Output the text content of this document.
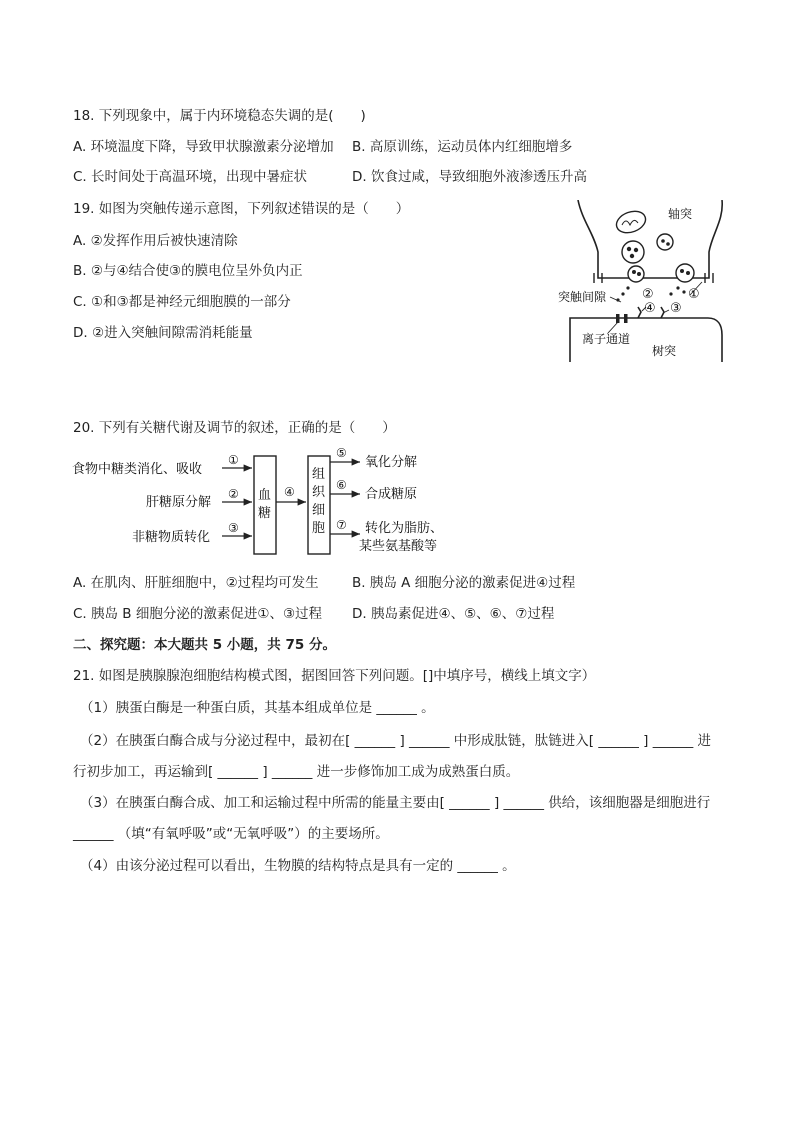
18. 下列现象中，属于内环境稳态失调的是(　　)
A. 环境温度下降，导致甲状腺激素分泌增加 B. 高原训练，运动员体内红细胞增多
C. 长时间处于高温环境，出现中暑症状	D. 饮食过咸，导致细胞外液渗透压升高
19. 如图为突触传递示意图，下列叙述错误的是（　　）
A. ②发挥作用后被快速清除
B. ②与④结合使③的膜电位呈外负内正
C. ①和③都是神经元细胞膜的一部分
D. ②进入突触间隙需消耗能量
轴突
突触间隙
离子通道
树突
②	①
④ ③
20. 下列有关糖代谢及调节的叙述，正确的是（　　）
食物中糖类消化、吸收
肝糖原分解
非糖物质转化
①
②
③
血
糖
④
组
织
细
胞
⑤
⑥
⑦
氧化分解
合成糖原
转化为脂肪、
某些氨基酸等
A. 在肌肉、肝脏细胞中，②过程均可发生 B. 胰岛 A 细胞分泌的激素促进④过程
C. 胰岛 B 细胞分泌的激素促进①、③过程 D. 胰岛素促进④、⑤、⑥、⑦过程
二、探究题：本大题共 5 小题，共 75 分。
21. 如图是胰腺腺泡细胞结构模式图，据图回答下列问题。[]中填序号，横线上填文字）
（1）胰蛋白酶是一种蛋白质，其基本组成单位是 ______ 。
（2）在胰蛋白酶合成与分泌过程中，最初在[ ______ ] ______ 中形成肽链，肽链进入[ ______ ] ______ 进
行初步加工，再运输到[ ______ ] ______ 进一步修饰加工成为成熟蛋白质。
（3）在胰蛋白酶合成、加工和运输过程中所需的能量主要由[ ______ ] ______ 供给，该细胞器是细胞进行
______ （填“有氧呼吸”或“无氧呼吸”）的主要场所。
（4）由该分泌过程可以看出，生物膜的结构特点是具有一定的 ______ 。
